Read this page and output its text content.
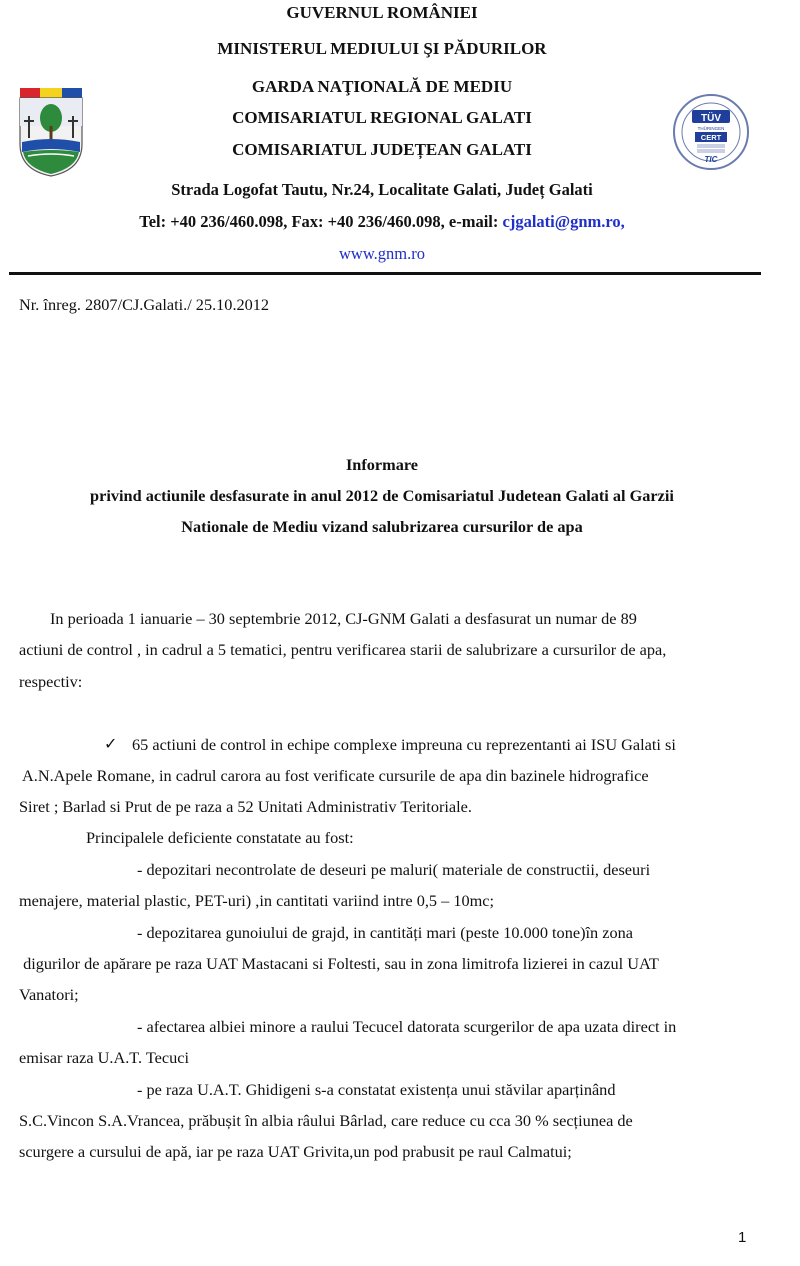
GUVERNUL ROMÂNIEI
MINISTERUL MEDIULUI ŞI PĂDURILOR
GARDA NAŢIONALĂ DE MEDIU
COMISARIATUL REGIONAL GALATI
COMISARIATUL JUDEȚEAN GALATI
Strada Logofat Tautu, Nr.24, Localitate Galati, Județ Galati
Tel: +40 236/460.098, Fax: +40 236/460.098, e-mail: cjgalati@gnm.ro,
www.gnm.ro
TÜV
THÜRINGEN
CERT
TIC
Nr. înreg. 2807/CJ.Galati./ 25.10.2012
Informare
privind actiunile desfasurate in anul 2012 de Comisariatul Judetean Galati al Garzii
Nationale de Mediu vizand salubrizarea cursurilor de apa
In perioada 1 ianuarie – 30 septembrie 2012, CJ-GNM Galati a desfasurat un numar de 89
actiuni de control , in cadrul a 5 tematici, pentru verificarea starii de salubrizare a cursurilor de apa,
respectiv:
✓ 65 actiuni de control in echipe complexe impreuna cu reprezentanti ai ISU Galati si
A.N.Apele Romane, in cadrul carora au fost verificate cursurile de apa din bazinele hidrografice
Siret ; Barlad si Prut de pe raza a 52 Unitati Administrativ Teritoriale.
Principalele deficiente constatate au fost:
- depozitari necontrolate de deseuri pe maluri( materiale de constructii, deseuri
menajere, material plastic, PET-uri) ,in cantitati variind intre 0,5 – 10mc;
- depozitarea gunoiului de grajd, in cantități mari (peste 10.000 tone)în zona
digurilor de apărare pe raza UAT Mastacani si Foltesti, sau in zona limitrofa lizierei in cazul UAT
Vanatori;
- afectarea albiei minore a raului Tecucel datorata scurgerilor de apa uzata direct in
emisar raza U.A.T. Tecuci
- pe raza U.A.T. Ghidigeni s-a constatat existența unui stăvilar aparținând
S.C.Vincon S.A.Vrancea, prăbușit în albia râului Bârlad, care reduce cu cca 30 % secțiunea de
scurgere a cursului de apă, iar pe raza UAT Grivita,un pod prabusit pe raul Calmatui;
1
